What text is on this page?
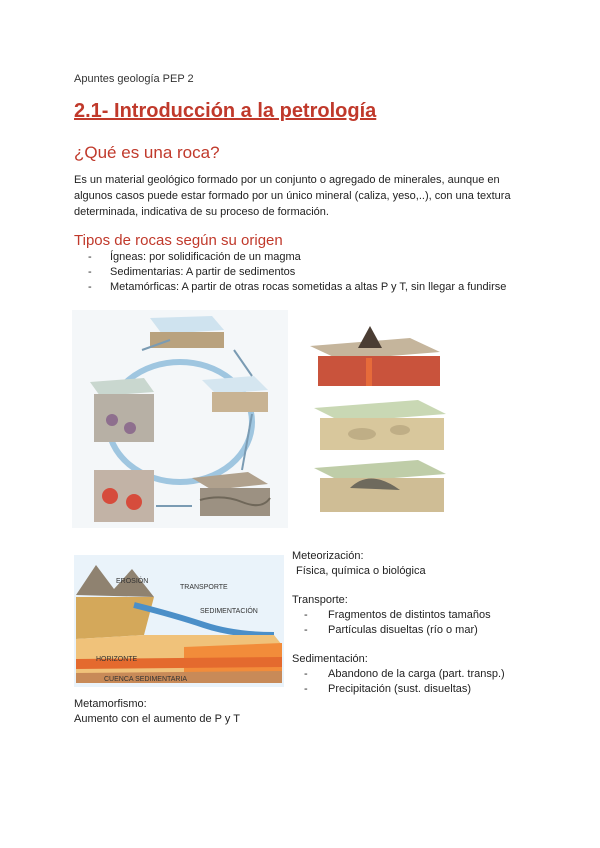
Apuntes geología PEP 2
2.1- Introducción a la petrología
¿Qué es una roca?
Es un material geológico formado por un conjunto o agregado de minerales, aunque en algunos casos puede estar formado por un único mineral (caliza, yeso,..), con una textura determinada, indicativa de su proceso de formación.
Tipos de rocas según su origen
- Ígneas: por solidificación de un magma
- Sedimentarias: A partir de sedimentos
- Metamórficas: A partir de otras rocas sometidas a altas P y T, sin llegar a fundirse
EROSIÓN
TRANSPORTE
SEDIMENTACIÓN
HORIZONTE
CUENCA SEDIMENTARIA
Meteorización:
Física, química o biológica
Transporte:
- Fragmentos de distintos tamaños
- Partículas disueltas (río o mar)
Sedimentación:
- Abandono de la carga (part. transp.)
- Precipitación (sust. disueltas)
Metamorfismo:
Aumento con el aumento de P y T
